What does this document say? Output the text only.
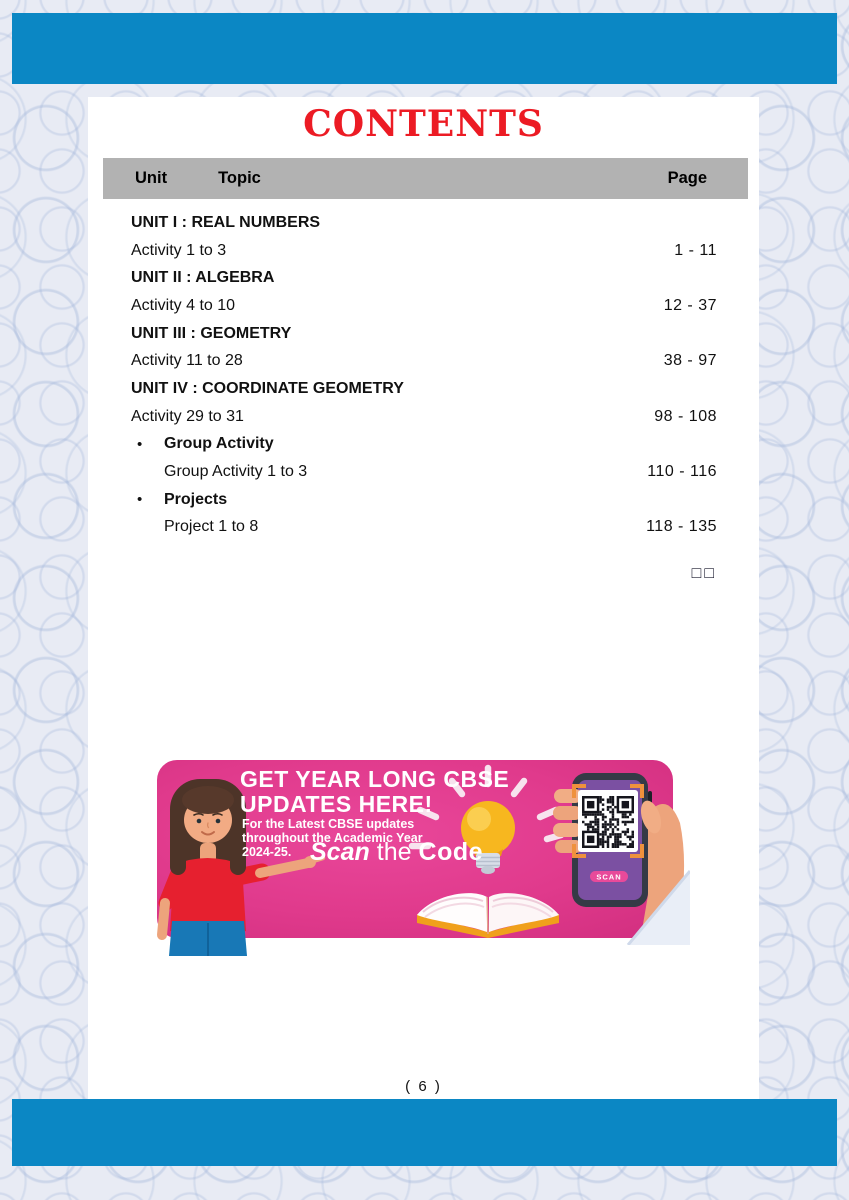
CONTENTS
Unit	Topic	Page
UNIT I : REAL NUMBERS
Activity 1 to 3	1 - 11
UNIT II : ALGEBRA
Activity 4 to 10	12 - 37
UNIT III : GEOMETRY
Activity 11 to 28	38 - 97
UNIT IV : COORDINATE GEOMETRY
Activity 29 to 31	98 - 108
•	Group Activity
Group Activity 1 to 3	110 - 116
•	Projects
Project 1 to 8	118 - 135
□□
SCAN
GET YEAR LONG CBSE
UPDATES HERE!
For the Latest CBSE updates
throughout the Academic Year
2024-25. Scan the Code
( 6 )
